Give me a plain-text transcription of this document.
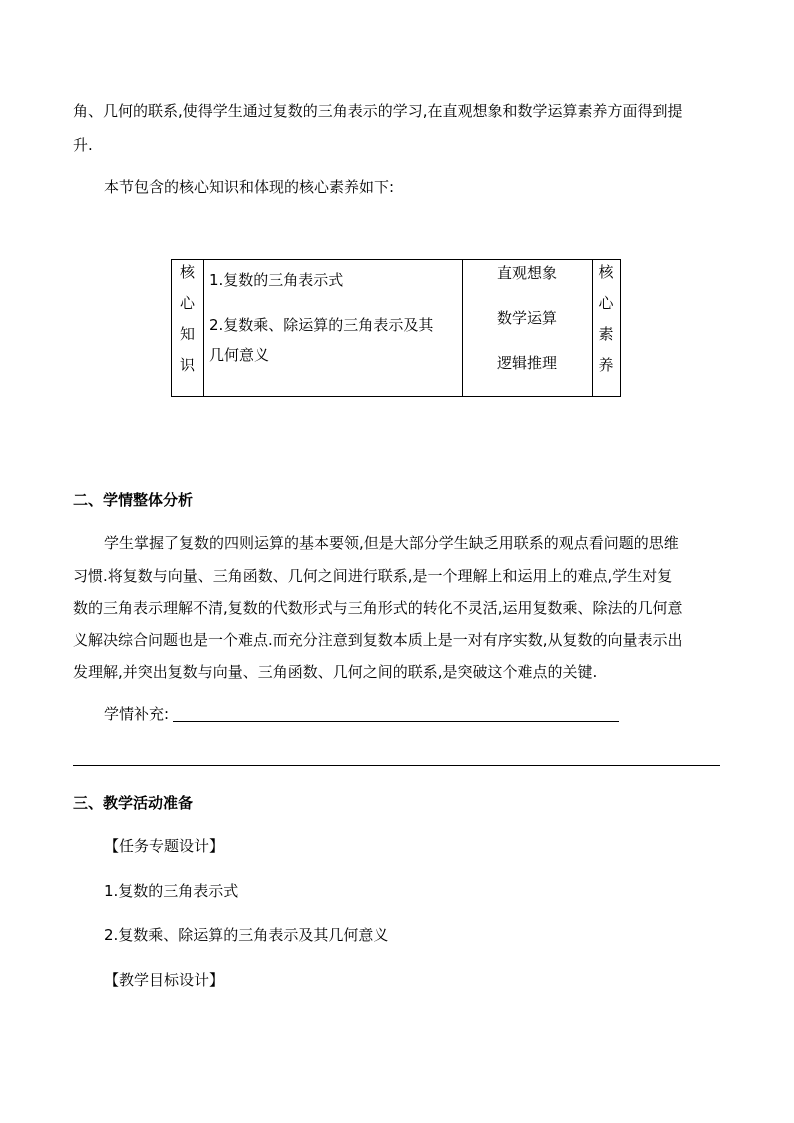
角、几何的联系,使得学生通过复数的三角表示的学习,在直观想象和数学运算素养方面得到提
升.
本节包含的核心知识和体现的核心素养如下:
核
心
知
识
1.复数的三角表示式
2.复数乘、除运算的三角表示及其
几何意义
直观想象
数学运算
逻辑推理
核
心
素
养
二、学情整体分析
学生掌握了复数的四则运算的基本要领,但是大部分学生缺乏用联系的观点看问题的思维
习惯.将复数与向量、三角函数、几何之间进行联系,是一个理解上和运用上的难点,学生对复
数的三角表示理解不清,复数的代数形式与三角形式的转化不灵活,运用复数乘、除法的几何意
义解决综合问题也是一个难点.而充分注意到复数本质上是一对有序实数,从复数的向量表示出
发理解,并突出复数与向量、三角函数、几何之间的联系,是突破这个难点的关键.
学情补充:
三、教学活动准备
【任务专题设计】
1.复数的三角表示式
2.复数乘、除运算的三角表示及其几何意义
【教学目标设计】
